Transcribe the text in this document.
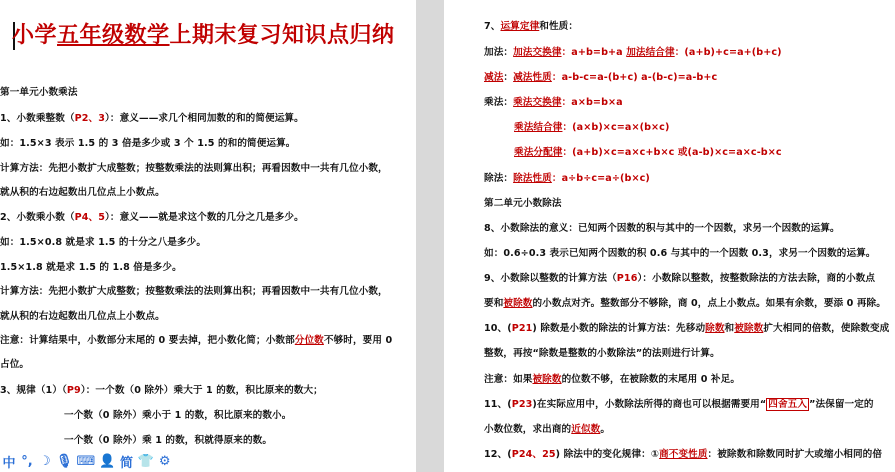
小学五年级数学上期末复习知识点归纳
第一单元小数乘法
1、小数乘整数（P2、3）：意义——求几个相同加数的和的简便运算。
如：1.5×3 表示 1.5 的 3 倍是多少或 3 个 1.5 的和的简便运算。
计算方法：先把小数扩大成整数；按整数乘法的法则算出积；再看因数中一共有几位小数，
就从积的右边起数出几位点上小数点。
2、小数乘小数（P4、5）：意义——就是求这个数的几分之几是多少。
如：1.5×0.8 就是求 1.5 的十分之八是多少。
1.5×1.8 就是求 1.5 的 1.8 倍是多少。
计算方法：先把小数扩大成整数；按整数乘法的法则算出积；再看因数中一共有几位小数，
就从积的右边起数出几位点上小数点。
注意：计算结果中，小数部分末尾的 0 要去掉，把小数化简；小数部分位数不够时，要用 0
占位。
3、规律（1）（P9）：一个数（0 除外）乘大于 1 的数，积比原来的数大；
一个数（0 除外）乘小于 1 的数，积比原来的数小。
一个数（0 除外）乘 1 的数，积就得原来的数。
7、运算定律和性质：
加法：加法交换律：a+b=b+a 加法结合律：(a+b)+c=a+(b+c)
减法：减法性质：a-b-c=a-(b+c) a-(b-c)=a-b+c
乘法：乘法交换律：a×b=b×a
乘法结合律：(a×b)×c=a×(b×c)
乘法分配律：(a+b)×c=a×c+b×c 或(a-b)×c=a×c-b×c
除法：除法性质：a÷b÷c=a÷(b×c)
第二单元小数除法
8、小数除法的意义：已知两个因数的积与其中的一个因数，求另一个因数的运算。
如：0.6÷0.3 表示已知两个因数的积 0.6 与其中的一个因数 0.3，求另一个因数的运算。
9、小数除以整数的计算方法（P16）：小数除以整数，按整数除法的方法去除，商的小数点
要和被除数的小数点对齐。整数部分不够除，商 0，点上小数点。如果有余数，要添 0 再除。
10、(P21) 除数是小数的除法的计算方法：先移动除数和被除数扩大相同的倍数，使除数变成
整数，再按“除数是整数的小数除法”的法则进行计算。
注意：如果被除数的位数不够，在被除数的末尾用 0 补足。
11、(P23)在实际应用中，小数除法所得的商也可以根据需要用“ 四舍五入 ”法保留一定的
小数位数，求出商的近似数。
12、(P24、25) 除法中的变化规律：①商不变性质：被除数和除数同时扩大或缩小相同的倍
中 °, ☽ 🎙 ⌨ 👤 简 👕 ⚙
